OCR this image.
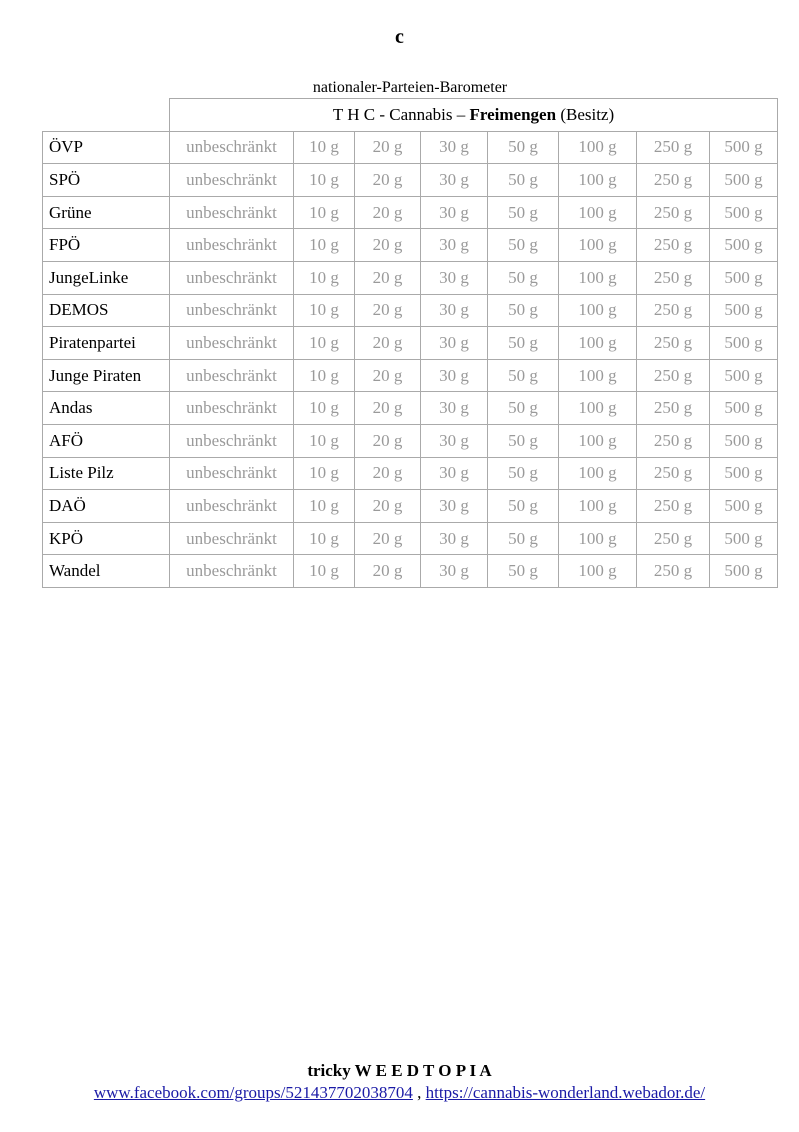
c
nationaler-Parteien-Barometer
	T H C - Cannabis – Freimengen (Besitz)							
ÖVP	unbeschränkt	10 g	20 g	30 g	50 g	100 g	250 g	500 g
SPÖ	unbeschränkt	10 g	20 g	30 g	50 g	100 g	250 g	500 g
Grüne	unbeschränkt	10 g	20 g	30 g	50 g	100 g	250 g	500 g
FPÖ	unbeschränkt	10 g	20 g	30 g	50 g	100 g	250 g	500 g
JungeLinke	unbeschränkt	10 g	20 g	30 g	50 g	100 g	250 g	500 g
DEMOS	unbeschränkt	10 g	20 g	30 g	50 g	100 g	250 g	500 g
Piratenpartei	unbeschränkt	10 g	20 g	30 g	50 g	100 g	250 g	500 g
Junge Piraten	unbeschränkt	10 g	20 g	30 g	50 g	100 g	250 g	500 g
Andas	unbeschränkt	10 g	20 g	30 g	50 g	100 g	250 g	500 g
AFÖ	unbeschränkt	10 g	20 g	30 g	50 g	100 g	250 g	500 g
Liste Pilz	unbeschränkt	10 g	20 g	30 g	50 g	100 g	250 g	500 g
DAÖ	unbeschränkt	10 g	20 g	30 g	50 g	100 g	250 g	500 g
KPÖ	unbeschränkt	10 g	20 g	30 g	50 g	100 g	250 g	500 g
Wandel	unbeschränkt	10 g	20 g	30 g	50 g	100 g	250 g	500 g
tricky W E E D T O P I A
www.facebook.com/groups/521437702038704 , https://cannabis-wonderland.webador.de/
